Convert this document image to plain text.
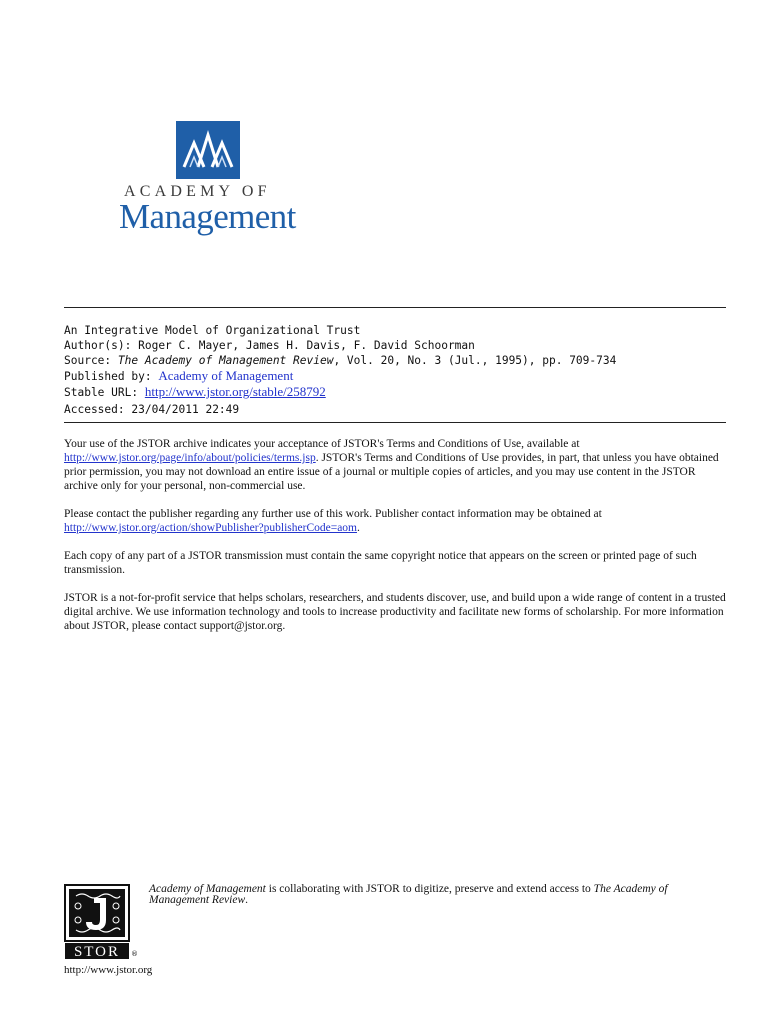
ACADEMY OF
Management
An Integrative Model of Organizational Trust
Author(s): Roger C. Mayer, James H. Davis, F. David Schoorman
Source: The Academy of Management Review, Vol. 20, No. 3 (Jul., 1995), pp. 709-734
Published by: Academy of Management
Stable URL: http://www.jstor.org/stable/258792
Accessed: 23/04/2011 22:49

Your use of the JSTOR archive indicates your acceptance of JSTOR's Terms and Conditions of Use, available at
http://www.jstor.org/page/info/about/policies/terms.jsp. JSTOR's Terms and Conditions of Use provides, in part, that unless you have obtained prior permission, you may not download an entire issue of a journal or multiple copies of articles, and you may use content in the JSTOR archive only for your personal, non-commercial use.

Please contact the publisher regarding any further use of this work. Publisher contact information may be obtained at
http://www.jstor.org/action/showPublisher?publisherCode=aom.

Each copy of any part of a JSTOR transmission must contain the same copyright notice that appears on the screen or printed page of such transmission.

JSTOR is a not-for-profit service that helps scholars, researchers, and students discover, use, and build upon a wide range of content in a trusted digital archive. We use information technology and tools to increase productivity and facilitate new forms of scholarship. For more information about JSTOR, please contact support@jstor.org.

STOR ®
http://www.jstor.org
Academy of Management is collaborating with JSTOR to digitize, preserve and extend access to The Academy of Management Review.
